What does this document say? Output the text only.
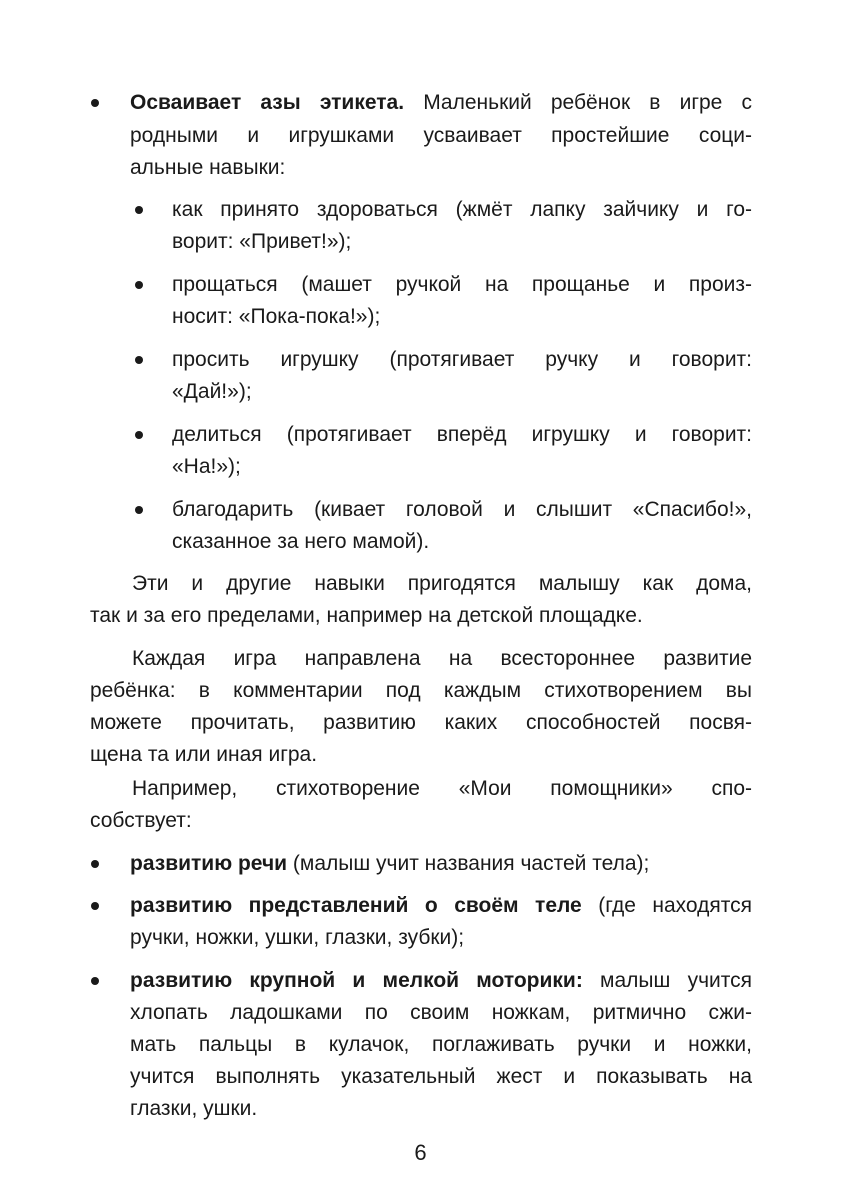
Осваивает азы этикета. Маленький ребёнок в игре с
родными и игрушками усваивает простейшие соци-
альные навыки:
как принято здороваться (жмёт лапку зайчику и го-
ворит: «Привет!»);
прощаться (машет ручкой на прощанье и произ-
носит: «Пока-пока!»);
просить игрушку (протягивает ручку и говорит:
«Дай!»);
делиться (протягивает вперёд игрушку и говорит:
«На!»);
благодарить (кивает головой и слышит «Спасибо!»,
сказанное за него мамой).
Эти и другие навыки пригодятся малышу как дома,
так и за его пределами, например на детской площадке.
Каждая игра направлена на всестороннее развитие
ребёнка: в комментарии под каждым стихотворением вы
можете прочитать, развитию каких способностей посвя-
щена та или иная игра.
Например, стихотворение «Мои помощники» спо-
собствует:
развитию речи (малыш учит названия частей тела);
развитию представлений о своём теле (где находятся
ручки, ножки, ушки, глазки, зубки);
развитию крупной и мелкой моторики: малыш учится
хлопать ладошками по своим ножкам, ритмично сжи-
мать пальцы в кулачок, поглаживать ручки и ножки,
учится выполнять указательный жест и показывать на
глазки, ушки.
6
